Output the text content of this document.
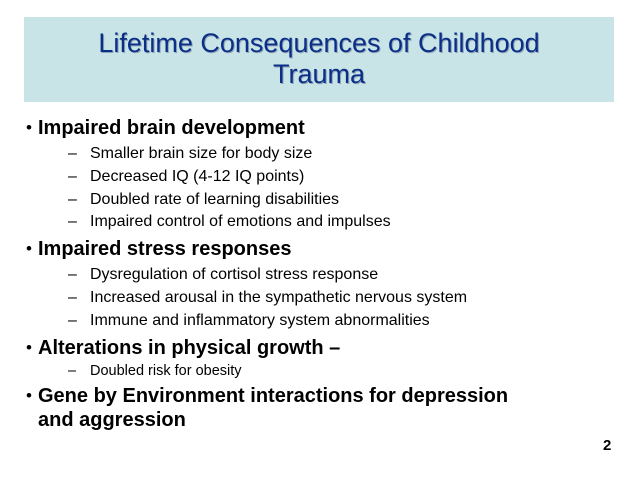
Lifetime Consequences of Childhood
Trauma
• Impaired brain development
– Smaller brain size for body size
– Decreased IQ (4-12 IQ points)
– Doubled rate of learning disabilities
– Impaired control of emotions and impulses
• Impaired stress responses
– Dysregulation of cortisol stress response
– Increased arousal in the sympathetic nervous system
– Immune and inflammatory system abnormalities
• Alterations in physical growth –
– Doubled risk for obesity
• Gene by Environment interactions for depression
and aggression
2
